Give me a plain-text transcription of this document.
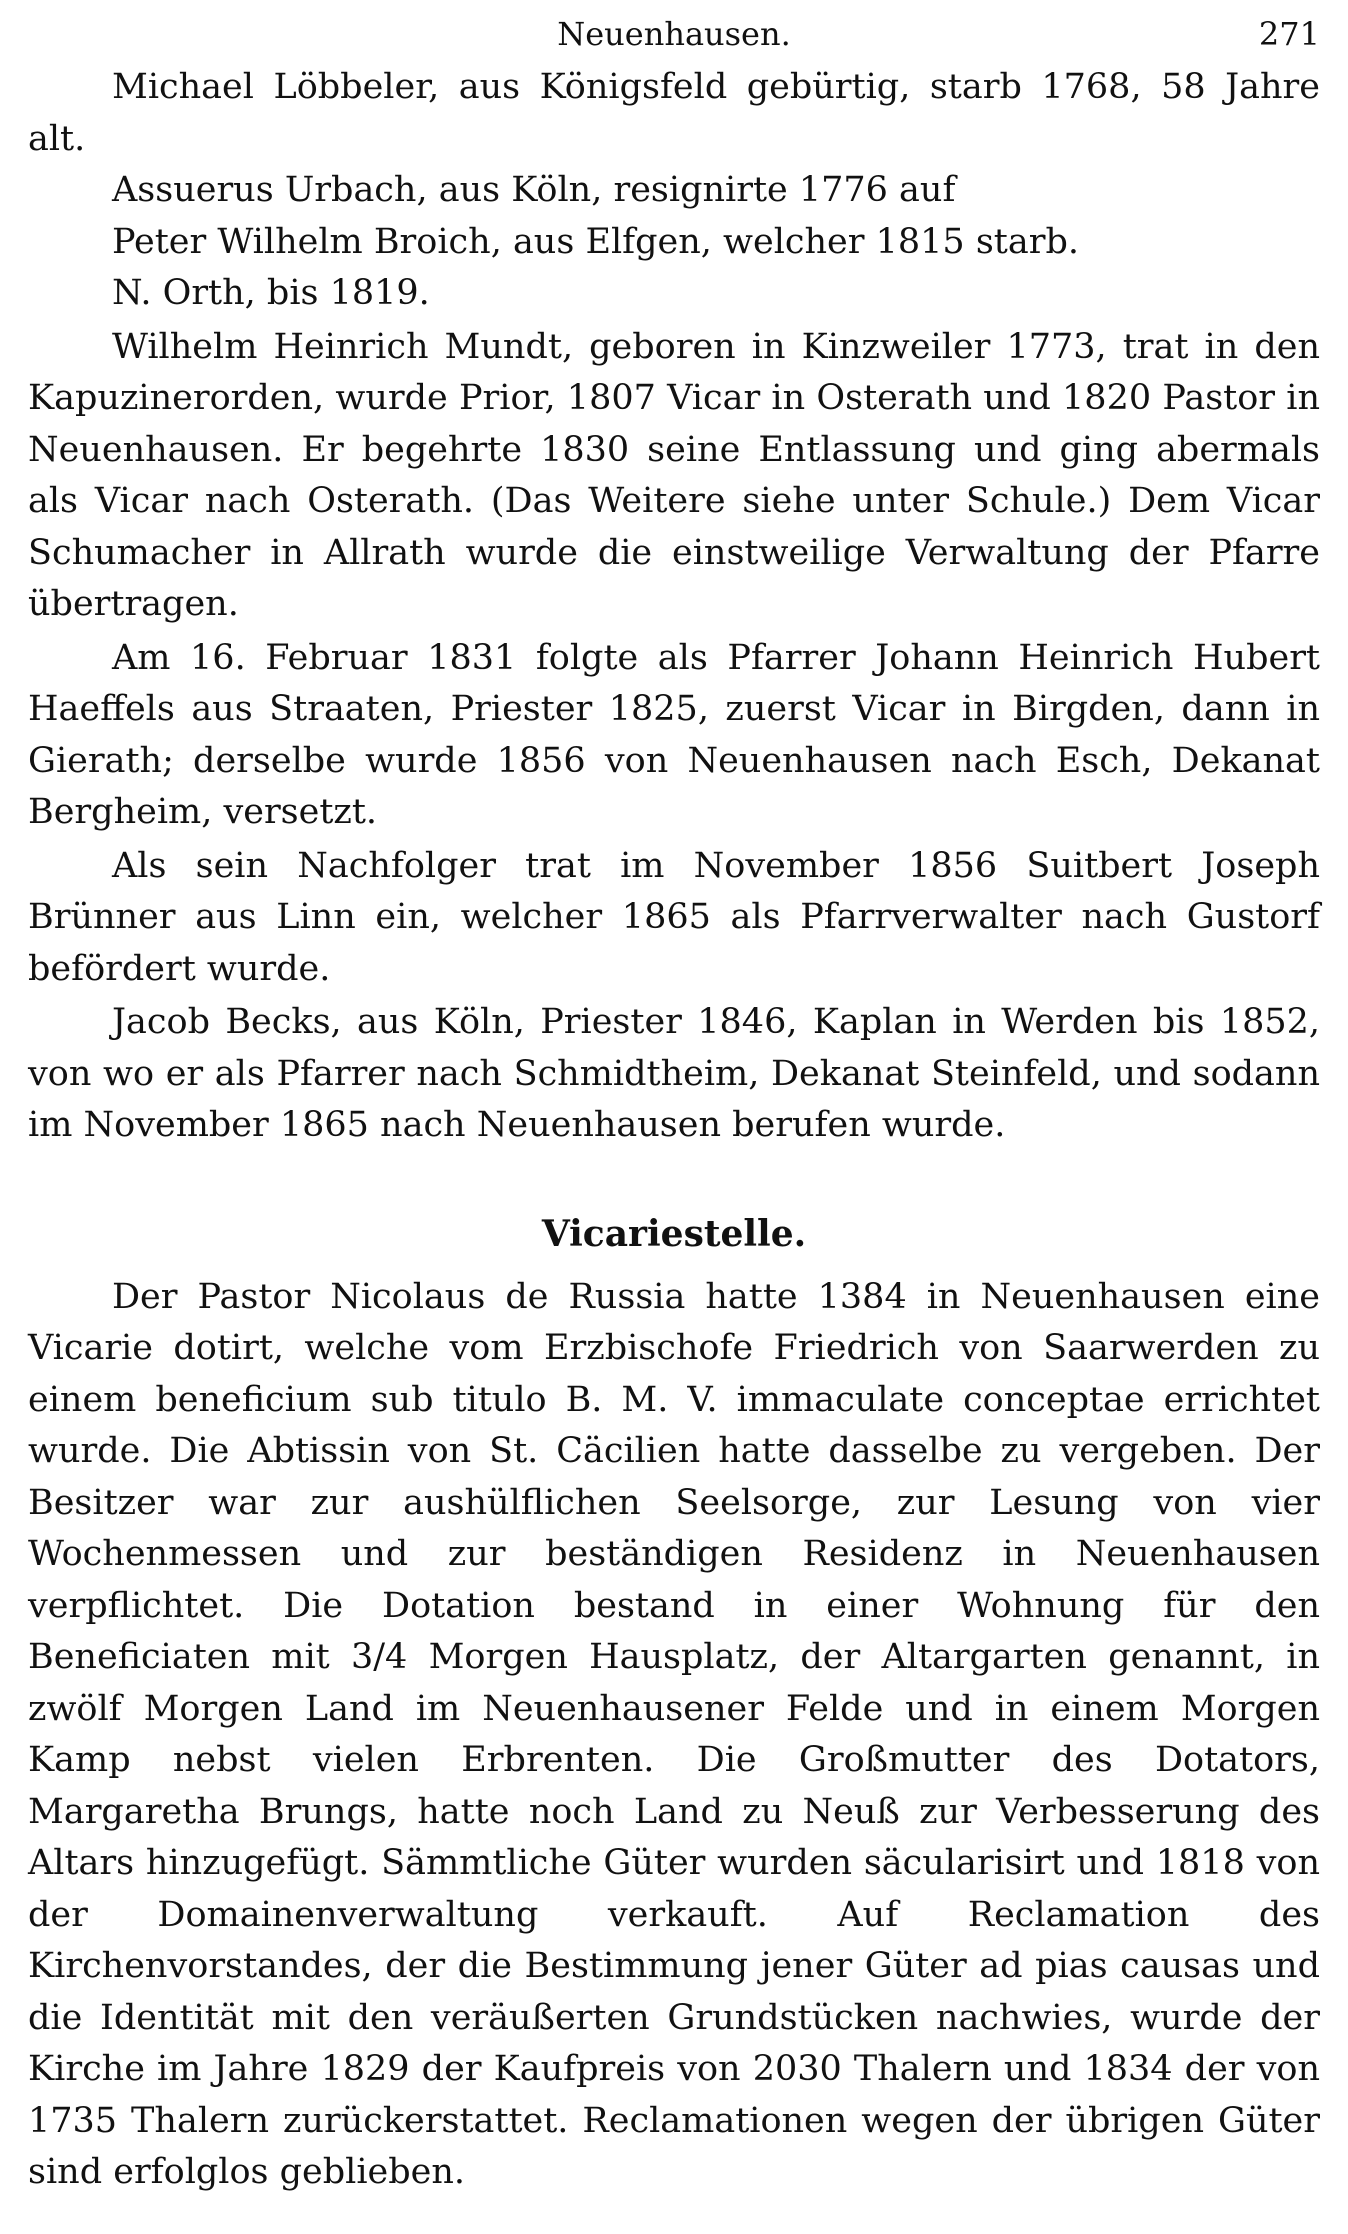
Neuenhausen.	271

Michael Löbbeler, aus Königsfeld gebürtig, starb 1768, 58 Jahre alt.

Assuerus Urbach, aus Köln, resignirte 1776 auf

Peter Wilhelm Broich, aus Elfgen, welcher 1815 starb.

N. Orth, bis 1819.

Wilhelm Heinrich Mundt, geboren in Kinzweiler 1773, trat in den Kapuzinerorden, wurde Prior, 1807 Vicar in Osterath und 1820 Pastor in Neuenhausen. Er begehrte 1830 seine Entlassung und ging abermals als Vicar nach Osterath. (Das Weitere siehe unter Schule.) Dem Vicar Schumacher in Allrath wurde die einstweilige Verwaltung der Pfarre übertragen.

Am 16. Februar 1831 folgte als Pfarrer Johann Heinrich Hubert Haeffels aus Straaten, Priester 1825, zuerst Vicar in Birgden, dann in Gierath; derselbe wurde 1856 von Neuenhausen nach Esch, Dekanat Bergheim, versetzt.

Als sein Nachfolger trat im November 1856 Suitbert Joseph Brünner aus Linn ein, welcher 1865 als Pfarrverwalter nach Gustorf befördert wurde.

Jacob Becks, aus Köln, Priester 1846, Kaplan in Werden bis 1852, von wo er als Pfarrer nach Schmidtheim, Dekanat Steinfeld, und sodann im November 1865 nach Neuenhausen berufen wurde.

Vicariestelle.

Der Pastor Nicolaus de Russia hatte 1384 in Neuenhausen eine Vicarie dotirt, welche vom Erzbischofe Friedrich von Saarwerden zu einem beneficium sub titulo B. M. V. immaculate conceptae errichtet wurde. Die Abtissin von St. Cäcilien hatte dasselbe zu vergeben. Der Besitzer war zur aushülflichen Seelsorge, zur Lesung von vier Wochenmessen und zur beständigen Residenz in Neuenhausen verpflichtet. Die Dotation bestand in einer Wohnung für den Beneficiaten mit 3/4 Morgen Hausplatz, der Altargarten genannt, in zwölf Morgen Land im Neuenhausener Felde und in einem Morgen Kamp nebst vielen Erbrenten. Die Großmutter des Dotators, Margaretha Brungs, hatte noch Land zu Neuß zur Verbesserung des Altars hinzugefügt. Sämmtliche Güter wurden säcularisirt und 1818 von der Domainenverwaltung verkauft. Auf Reclamation des Kirchenvorstandes, der die Bestimmung jener Güter ad pias causas und die Identität mit den veräußerten Grundstücken nachwies, wurde der Kirche im Jahre 1829 der Kaufpreis von 2030 Thalern und 1834 der von 1735 Thalern zurückerstattet. Reclamationen wegen der übrigen Güter sind erfolglos geblieben.
